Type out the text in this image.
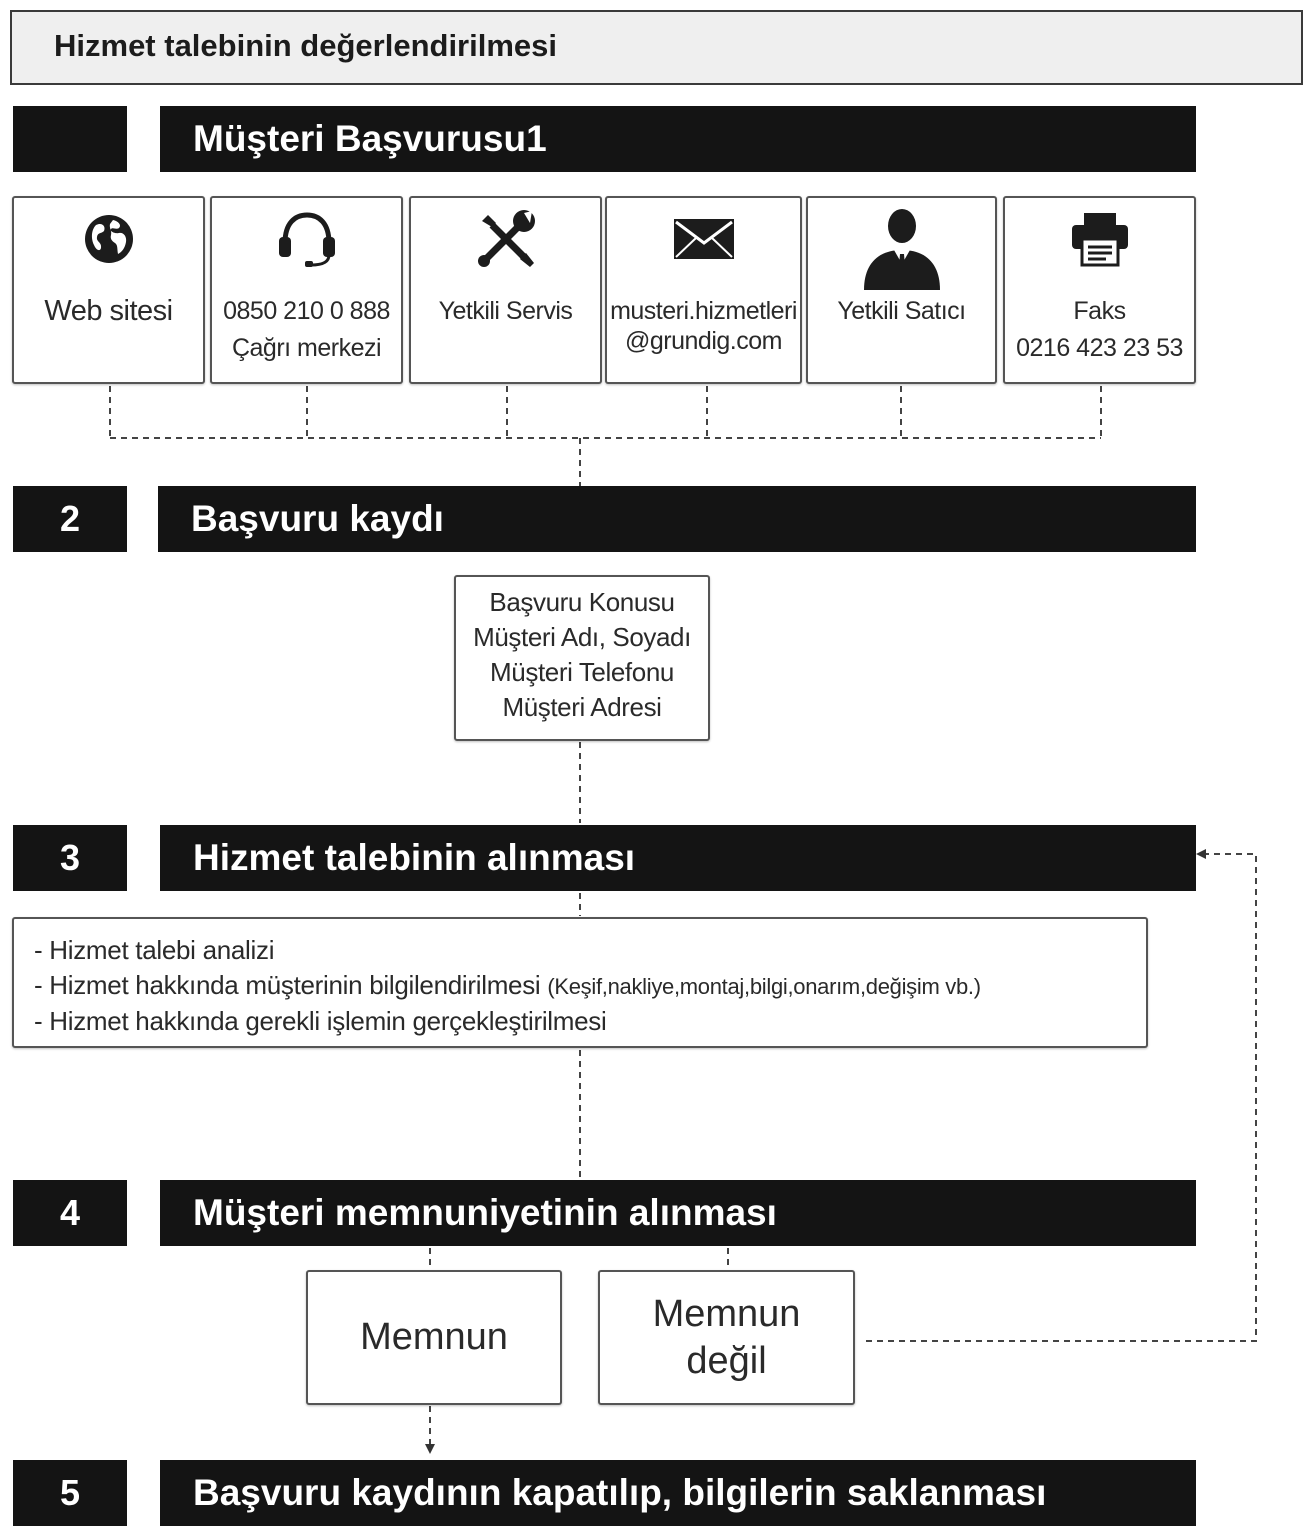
Hizmet talebinin değerlendirilmesi
Müşteri Başvurusu1
Web sitesi	0850 210 0 888
Çağrı merkezi
Yetkili Servis	musteri.hizmetleri
@grundig.com
Yetkili Satıcı	Faks
0216 423 23 53
2	Başvuru kaydı
Başvuru Konusu
Müşteri Adı, Soyadı
Müşteri Telefonu
Müşteri Adresi
3	Hizmet talebinin alınması
- Hizmet talebi analizi
- Hizmet hakkında müşterinin bilgilendirilmesi (Keşif,nakliye,montaj,bilgi,onarım,değişim vb.)
- Hizmet hakkında gerekli işlemin gerçekleştirilmesi
4	Müşteri memnuniyetinin alınması
Memnun
Memnun
değil
5	Başvuru kaydının kapatılıp, bilgilerin saklanması
